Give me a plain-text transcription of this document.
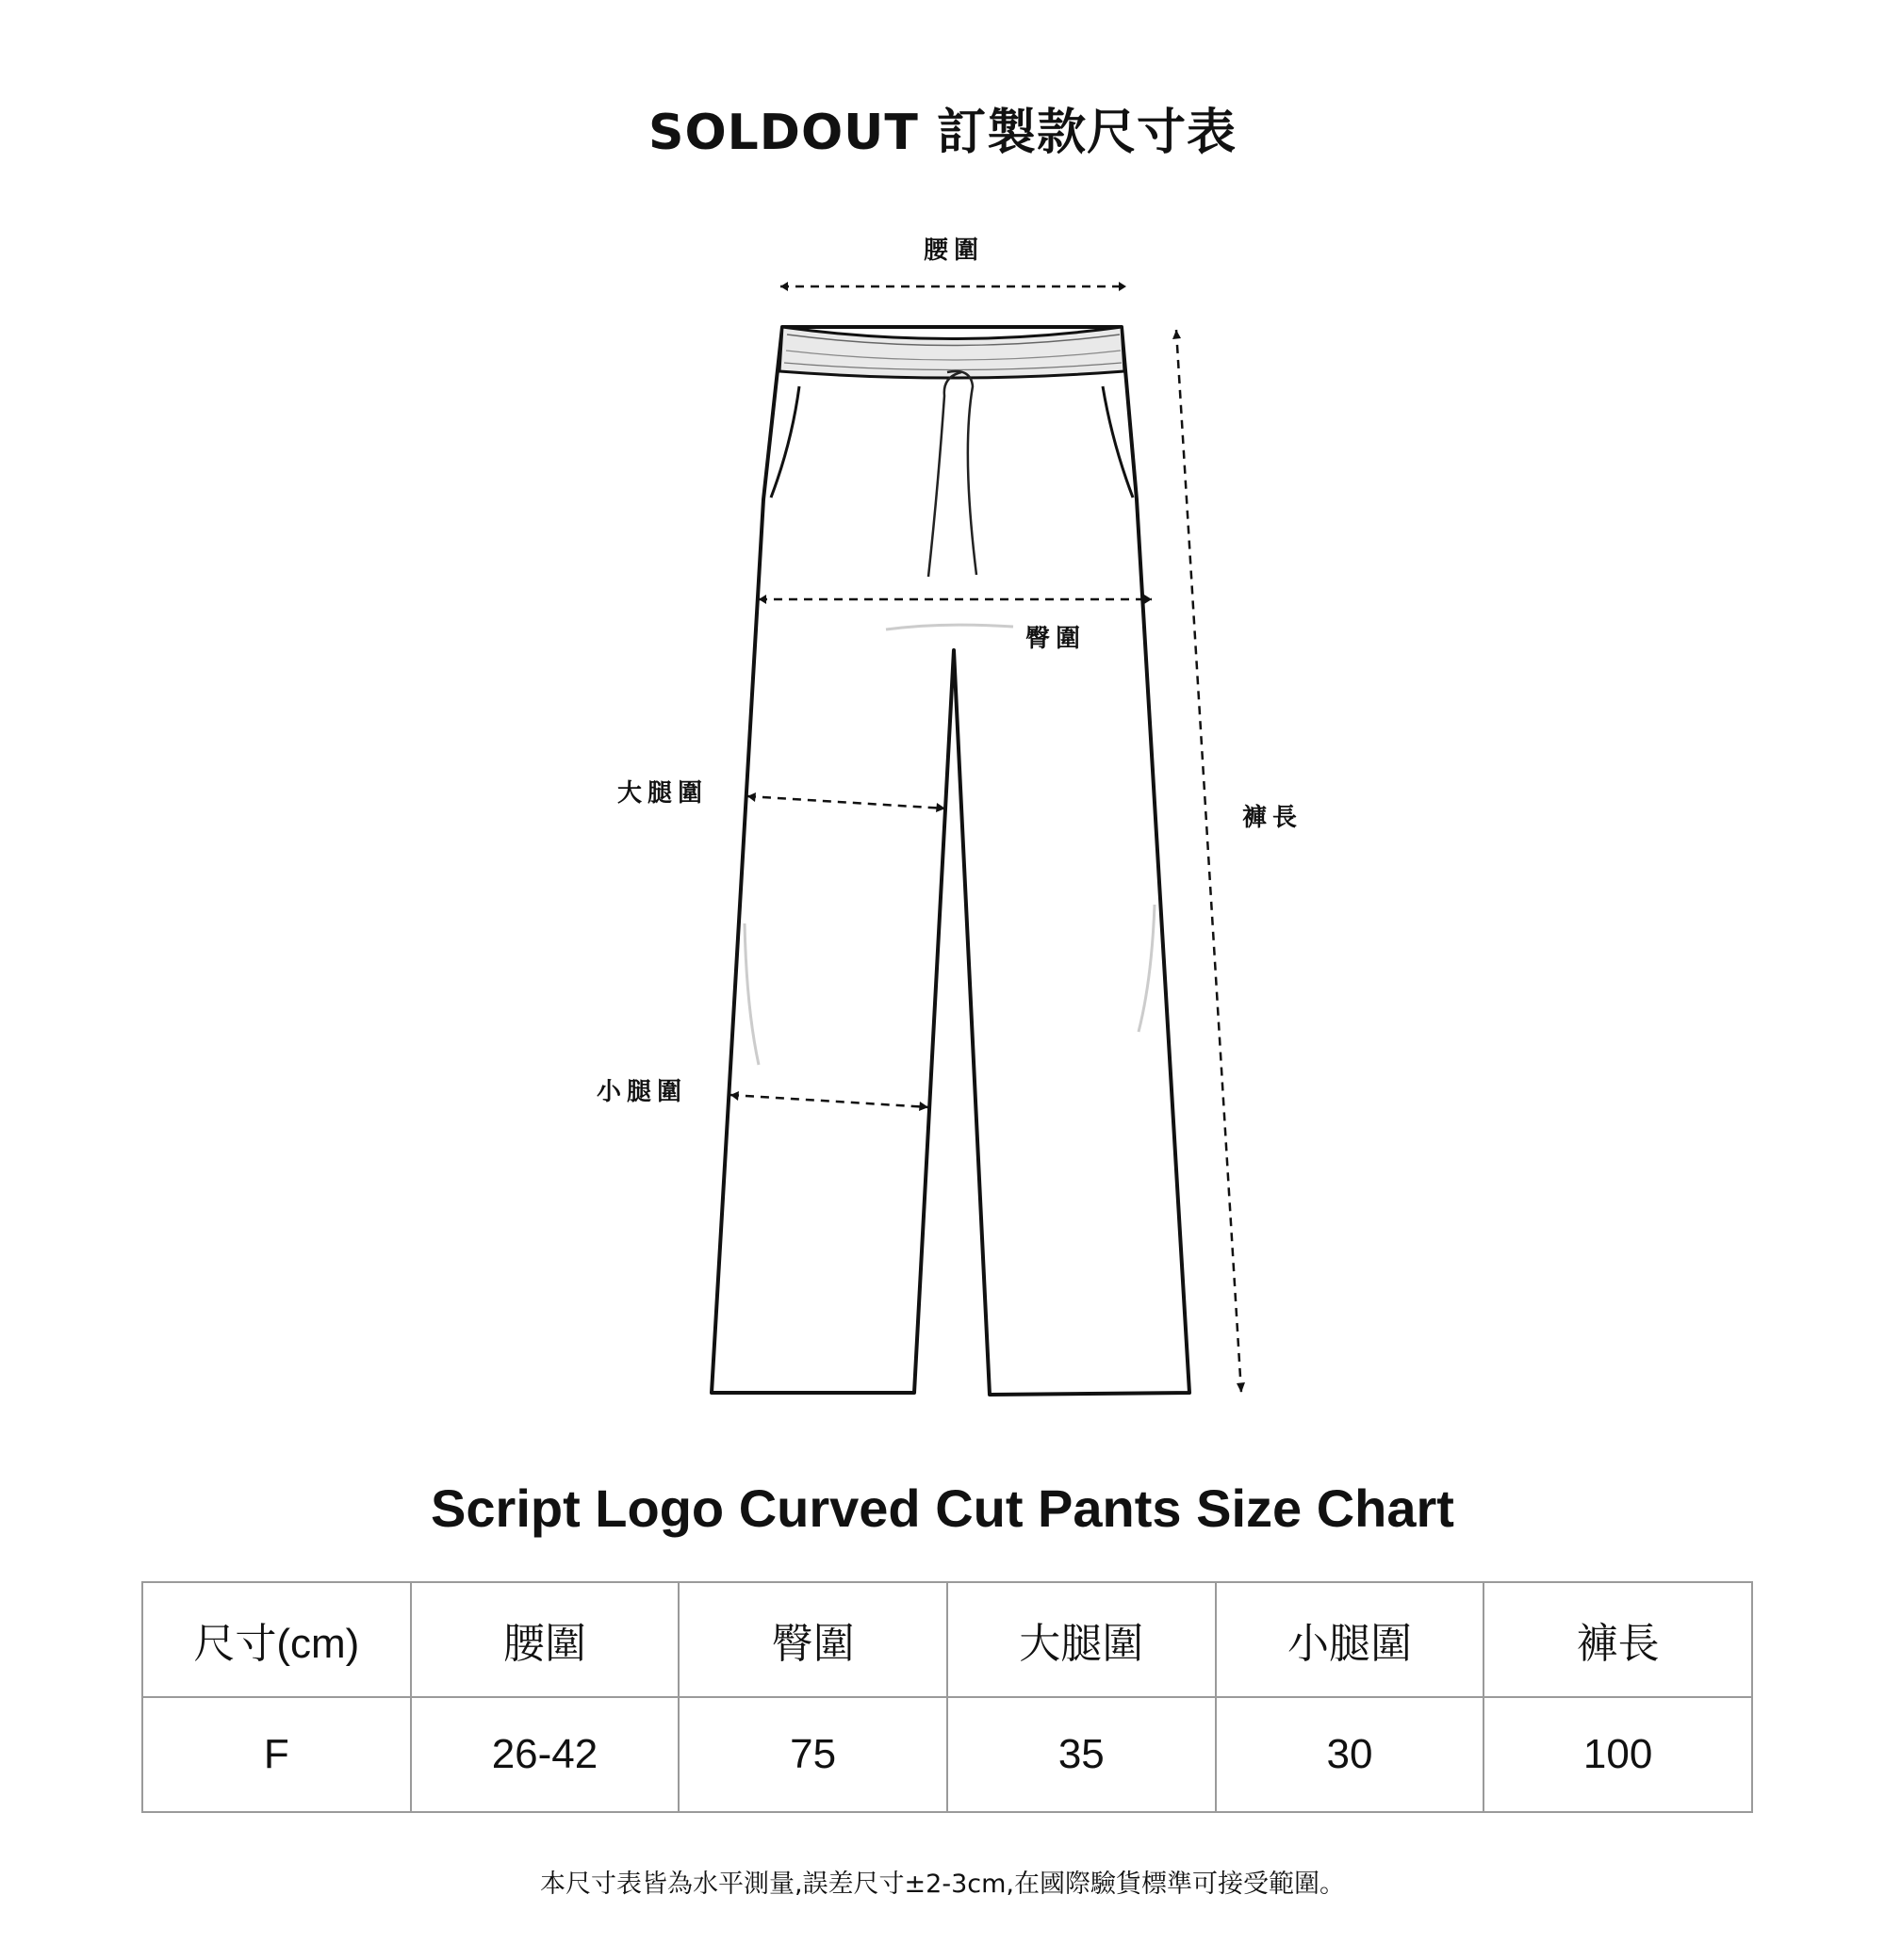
SOLDOUT 訂製款尺寸表
腰圍
臀圍
大腿圍
小腿圍
褲長
Script Logo Curved Cut Pants Size Chart
尺寸(cm)	腰圍	臀圍	大腿圍	小腿圍	褲長
F	26-42	75	35	30	100
本尺寸表皆為水平測量,誤差尺寸±2-3cm,在國際驗貨標準可接受範圍。
